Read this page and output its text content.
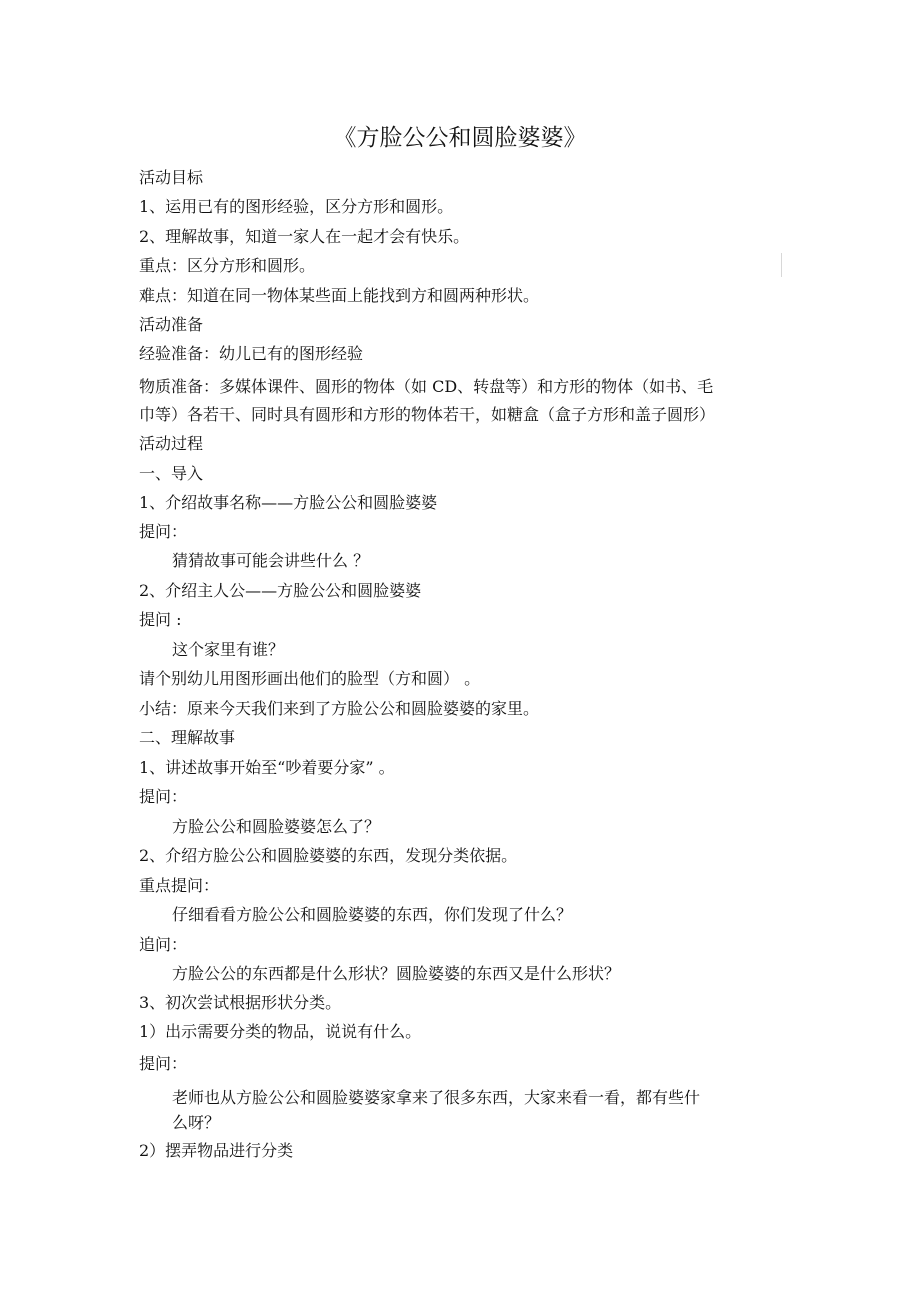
《方脸公公和圆脸婆婆》

活动目标

1、运用已有的图形经验，区分方形和圆形。

2、理解故事，知道一家人在一起才会有快乐。

重点：区分方形和圆形。

难点：知道在同一物体某些面上能找到方和圆两种形状。

活动准备

经验准备：幼儿已有的图形经验

物质准备：多媒体课件、圆形的物体（如 CD、转盘等）和方形的物体（如书、毛

巾等）各若干、同时具有圆形和方形的物体若干，如糖盒（盒子方形和盖子圆形）

活动过程

一、导入

1、介绍故事名称——方脸公公和圆脸婆婆

提问：

猜猜故事可能会讲些什么 ？

2、介绍主人公——方脸公公和圆脸婆婆

提问 :

这个家里有谁？

请个别幼儿用图形画出他们的脸型（方和圆） 。

小结：原来今天我们来到了方脸公公和圆脸婆婆的家里。

二、理解故事

1、讲述故事开始至“吵着要分家” 。

提问：

方脸公公和圆脸婆婆怎么了？

2、介绍方脸公公和圆脸婆婆的东西，发现分类依据。

重点提问：

仔细看看方脸公公和圆脸婆婆的东西，你们发现了什么？

追问：

方脸公公的东西都是什么形状？圆脸婆婆的东西又是什么形状？

3、初次尝试根据形状分类。

1）出示需要分类的物品，说说有什么。

提问：

老师也从方脸公公和圆脸婆婆家拿来了很多东西，大家来看一看，都有些什

么呀？

2）摆弄物品进行分类
